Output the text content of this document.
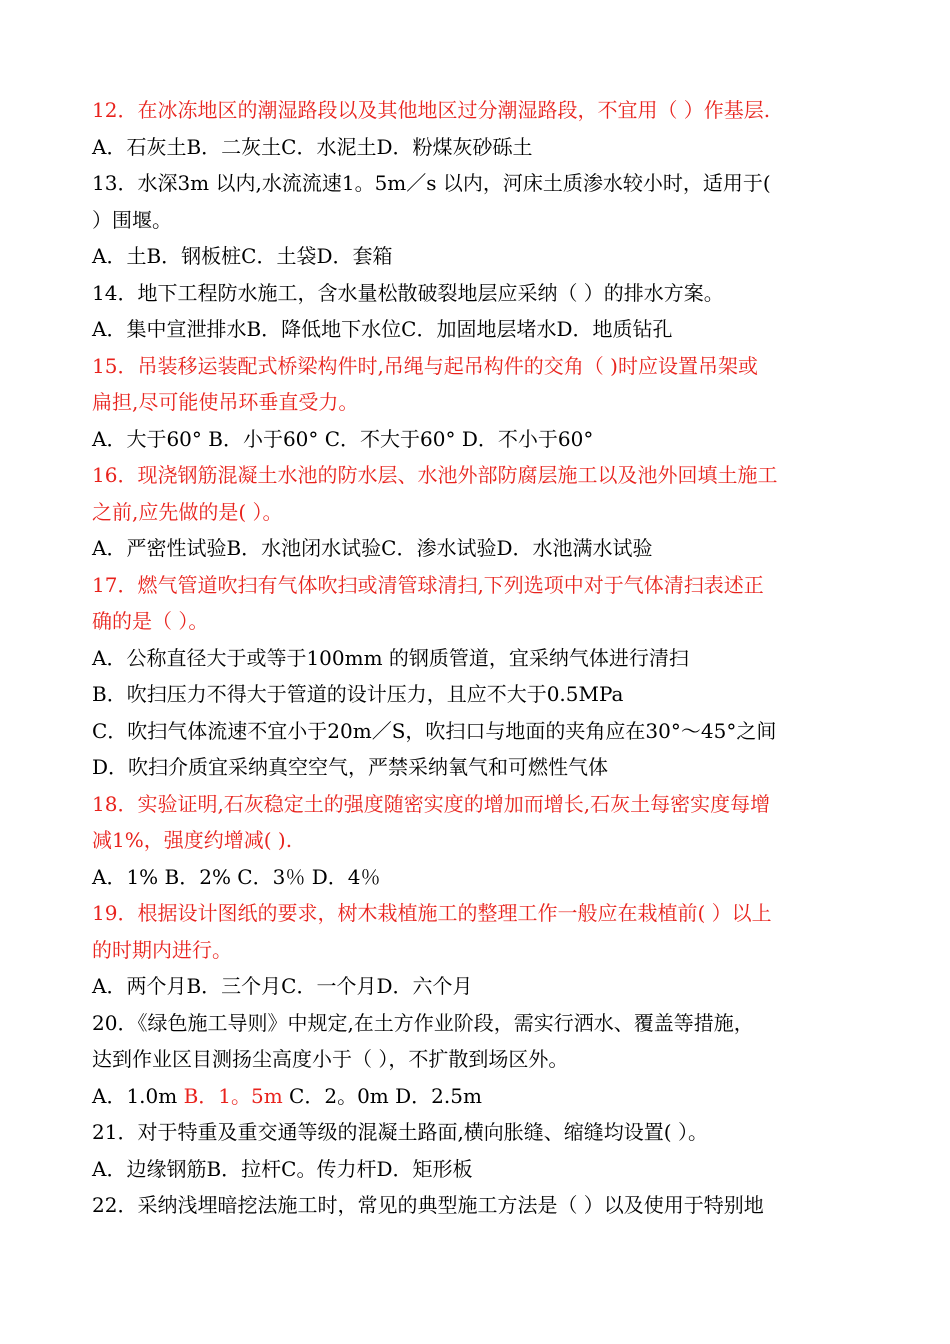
12．在冰冻地区的潮湿路段以及其他地区过分潮湿路段，不宜用（ ）作基层.
A．石灰土B．二灰土C．水泥土D．粉煤灰砂砾土
13．水深3m 以内,水流流速1。5m／s 以内，河床土质渗水较小时，适用于(
）围堰。
A．土B．钢板桩C．土袋D．套箱
14．地下工程防水施工，含水量松散破裂地层应采纳（ ）的排水方案。
A．集中宣泄排水B．降低地下水位C．加固地层堵水D．地质钻孔
15．吊装移运装配式桥梁构件时,吊绳与起吊构件的交角（ )时应设置吊架或
扁担,尽可能使吊环垂直受力。
A．大于60° B．小于60° C．不大于60° D．不小于60°
16．现浇钢筋混凝土水池的防水层、水池外部防腐层施工以及池外回填土施工
之前,应先做的是( ）。
A．严密性试验B．水池闭水试验C．渗水试验D．水池满水试验
17．燃气管道吹扫有气体吹扫或清管球清扫,下列选项中对于气体清扫表述正
确的是（ ）。
A．公称直径大于或等于100mm 的钢质管道，宜采纳气体进行清扫
B．吹扫压力不得大于管道的设计压力，且应不大于0.5MPa
C．吹扫气体流速不宜小于20m／S，吹扫口与地面的夹角应在30°～45°之间
D．吹扫介质宜采纳真空空气，严禁采纳氧气和可燃性气体
18．实验证明,石灰稳定土的强度随密实度的增加而增长,石灰土每密实度每增
减1%，强度约增减( ).
A．1% B．2% C．3％ D．4％
19．根据设计图纸的要求，树木栽植施工的整理工作一般应在栽植前( ）以上
的时期内进行。
A．两个月B．三个月C．一个月D．六个月
20．《绿色施工导则》中规定,在土方作业阶段，需实行洒水、覆盖等措施，
达到作业区目测扬尘高度小于（ ），不扩散到场区外。
A．1.0m B．1。5m C．2。0m D．2.5m
21．对于特重及重交通等级的混凝土路面,横向胀缝、缩缝均设置( ）。
A．边缘钢筋B．拉杆C。传力杆D．矩形板
22．采纳浅埋暗挖法施工时，常见的典型施工方法是（ ）以及使用于特别地
